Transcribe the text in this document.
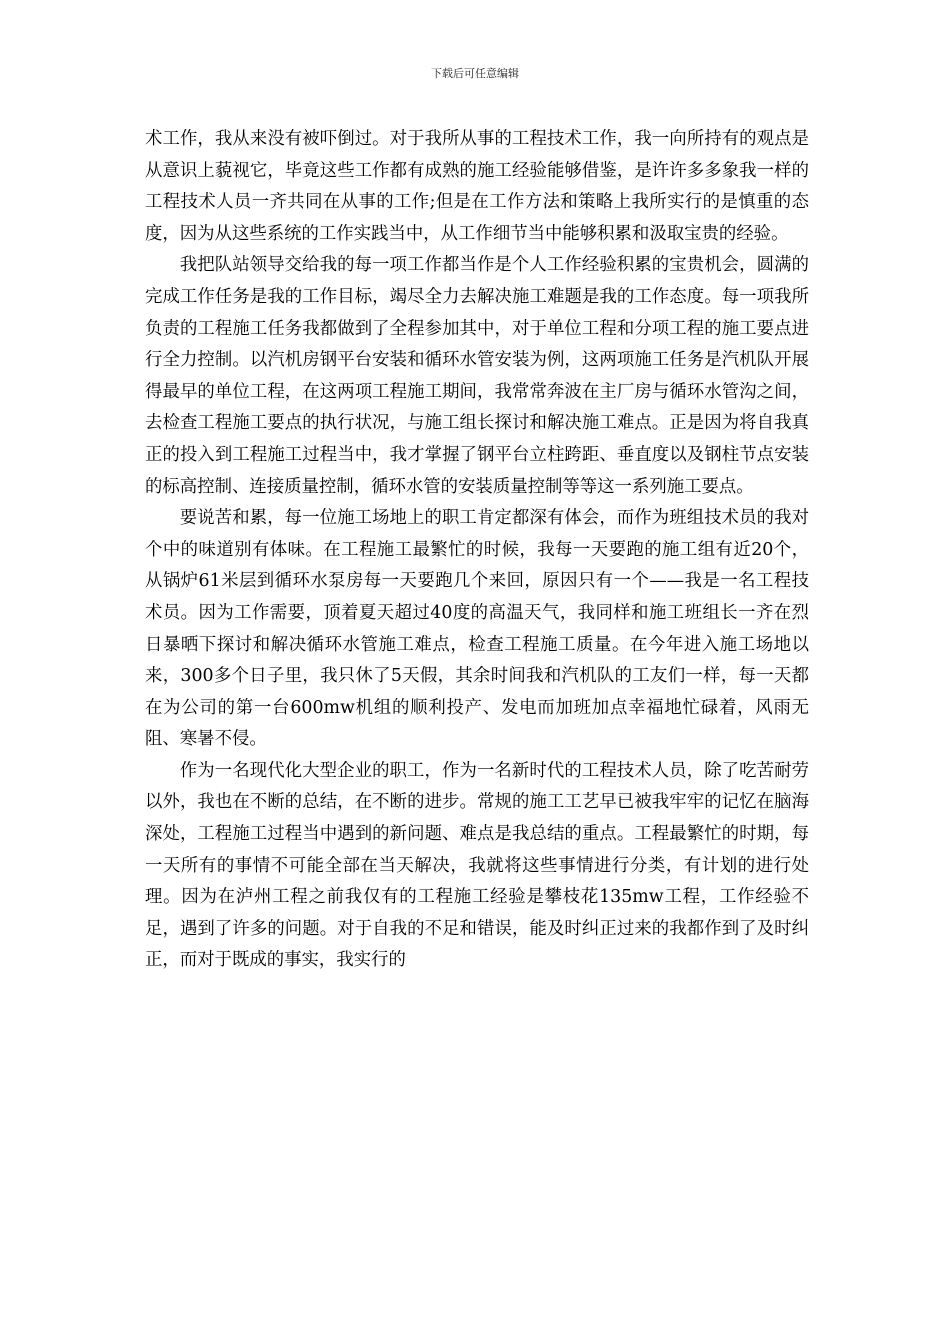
下载后可任意编辑

术工作，我从来没有被吓倒过。对于我所从事的工程技术工作，我一向所持有的观点是从意识上藐视它，毕竟这些工作都有成熟的施工经验能够借鉴，是许许多多象我一样的工程技术人员一齐共同在从事的工作;但是在工作方法和策略上我所实行的是慎重的态度，因为从这些系统的工作实践当中，从工作细节当中能够积累和汲取宝贵的经验。

我把队站领导交给我的每一项工作都当作是个人工作经验积累的宝贵机会，圆满的完成工作任务是我的工作目标，竭尽全力去解决施工难题是我的工作态度。每一项我所负责的工程施工任务我都做到了全程参加其中，对于单位工程和分项工程的施工要点进行全力控制。以汽机房钢平台安装和循环水管安装为例，这两项施工任务是汽机队开展得最早的单位工程，在这两项工程施工期间，我常常奔波在主厂房与循环水管沟之间，去检查工程施工要点的执行状况，与施工组长探讨和解决施工难点。正是因为将自我真正的投入到工程施工过程当中，我才掌握了钢平台立柱跨距、垂直度以及钢柱节点安装的标高控制、连接质量控制，循环水管的安装质量控制等等这一系列施工要点。

要说苦和累，每一位施工场地上的职工肯定都深有体会，而作为班组技术员的我对个中的味道别有体味。在工程施工最繁忙的时候，我每一天要跑的施工组有近20个，从锅炉61米层到循环水泵房每一天要跑几个来回，原因只有一个——我是一名工程技术员。因为工作需要，顶着夏天超过40度的高温天气，我同样和施工班组长一齐在烈日暴晒下探讨和解决循环水管施工难点，检查工程施工质量。在今年进入施工场地以来，300多个日子里，我只休了5天假，其余时间我和汽机队的工友们一样，每一天都在为公司的第一台600mw机组的顺利投产、发电而加班加点幸福地忙碌着，风雨无阻、寒暑不侵。

作为一名现代化大型企业的职工，作为一名新时代的工程技术人员，除了吃苦耐劳以外，我也在不断的总结，在不断的进步。常规的施工工艺早已被我牢牢的记忆在脑海深处，工程施工过程当中遇到的新问题、难点是我总结的重点。工程最繁忙的时期，每一天所有的事情不可能全部在当天解决，我就将这些事情进行分类，有计划的进行处理。因为在泸州工程之前我仅有的工程施工经验是攀枝花135mw工程，工作经验不足，遇到了许多的问题。对于自我的不足和错误，能及时纠正过来的我都作到了及时纠正，而对于既成的事实，我实行的
